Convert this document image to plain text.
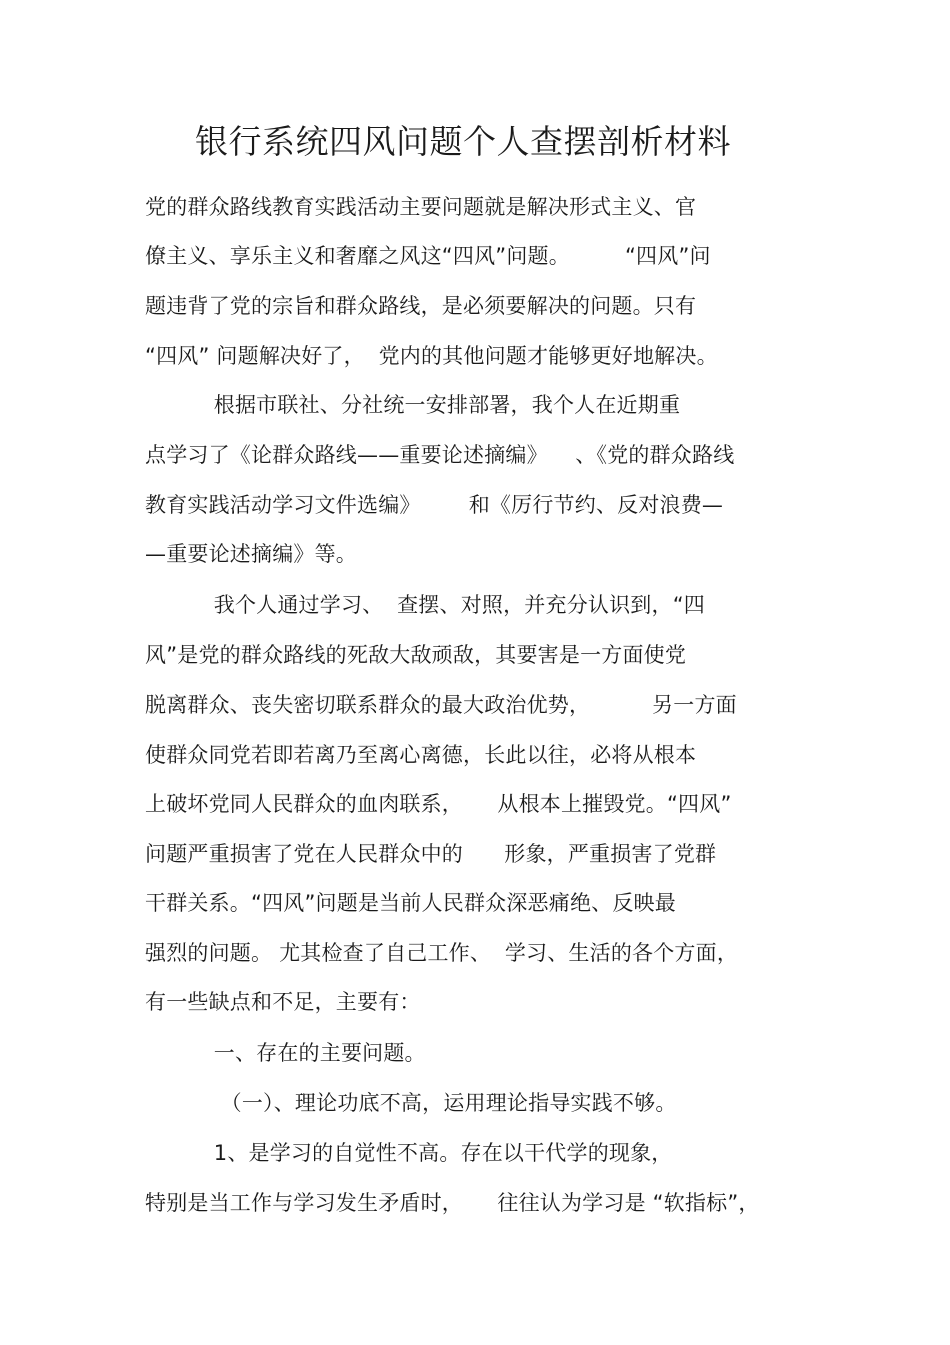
银行系统四风问题个人查摆剖析材料
党的群众路线教育实践活动主要问题就是解决形式主义、官
僚主义、享乐主义和奢靡之风这“四风”问题。        “四风”问
题违背了党的宗旨和群众路线，是必须要解决的问题。只有
“四风” 问题解决好了，  党内的其他问题才能够更好地解决。
根据市联社、分社统一安排部署，我个人在近期重
点学习了《论群众路线——重要论述摘编》    、《党的群众路线
教育实践活动学习文件选编》       和《厉行节约、反对浪费—
—重要论述摘编》等。
我个人通过学习、  查摆、对照，并充分认识到，“四
风”是党的群众路线的死敌大敌顽敌，其要害是一方面使党
脱离群众、丧失密切联系群众的最大政治优势，         另一方面
使群众同党若即若离乃至离心离德，长此以往，必将从根本
上破坏党同人民群众的血肉联系，     从根本上摧毁党。“四风”
问题严重损害了党在人民群众中的      形象，严重损害了党群
干群关系。“四风”问题是当前人民群众深恶痛绝、反映最
强烈的问题。 尤其检查了自己工作、  学习、生活的各个方面，
有一些缺点和不足，主要有：
一、存在的主要问题。
（一）、理论功底不高，运用理论指导实践不够。
1、是学习的自觉性不高。存在以干代学的现象，
特别是当工作与学习发生矛盾时，     往往认为学习是 “软指标”，
